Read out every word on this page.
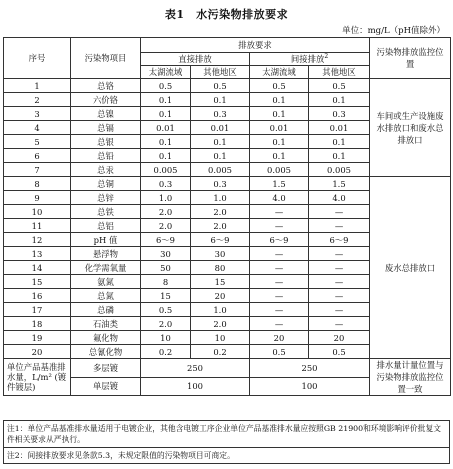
表1　水污染物排放要求
单位：mg/L（pH值除外）
序号	污染物项目	排放要求				污染物排放监控位置
		直接排放		间接排放$^2$
		太湖流域	其他地区	太湖流域	其他地区	
1	总铬	0.5	0.5	0.5	0.5	车间或生产设施废水排放口和废水总排放口
2	六价铬	0.1	0.1	0.1	0.1	
3	总镍	0.1	0.3	0.1	0.3	
4	总镉	0.01	0.01	0.01	0.01	
5	总银	0.1	0.1	0.1	0.1	
6	总铅	0.1	0.1	0.1	0.1	
7	总汞	0.005	0.005	0.005	0.005	
8	总铜	0.3	0.3	1.5	1.5	废水总排放口
9	总锌	1.0	1.0	4.0	4.0	
10	总铁	2.0	2.0	—	—	
11	总铝	2.0	2.0	—	—	
12	pH 值	6～9	6～9	6～9	6～9	
13	悬浮物	30	30	—	—	
14	化学需氧量	50	80	—	—	
15	氨氮	8	15	—	—	
16	总氮	15	20	—	—	
17	总磷	0.5	1.0	—	—	
18	石油类	2.0	2.0	—	—	
19	氟化物	10	10	20	20	
20	总氰化物	0.2	0.2	0.5	0.5	
单位产品基准排水量，L/m² (镀件镀层)	多层镀	250		250		排水量计量位置与污染物排放监控位置一致
	单层镀	100		100		
注1：单位产品基准排水量适用于电镀企业，其他含电镀工序企业单位产品基准排水量应按照GB 21900和环境影响评价批复文件相关要求从严执行。
注2：间接排放要求见条款5.3，未规定限值的污染物项目可商定。
